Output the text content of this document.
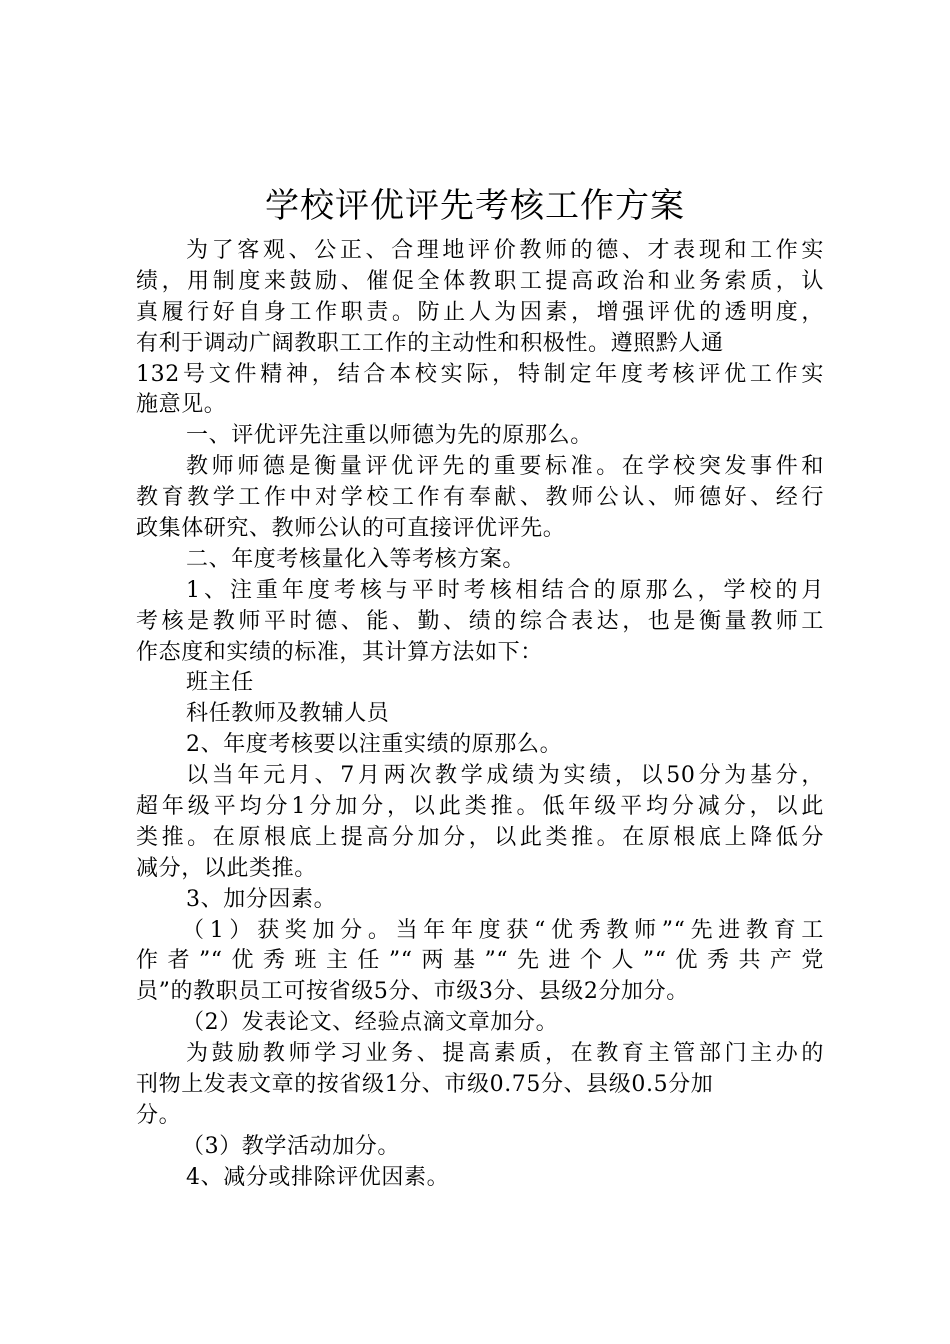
学校评优评先考核工作方案
为了客观、公正、合理地评价教师的德、才表现和工作实
绩，用制度来鼓励、催促全体教职工提高政治和业务索质，认
真履行好自身工作职责。防止人为因素，增强评优的透明度，
有利于调动广阔教职工工作的主动性和积极性。遵照黔人通
132号文件精神，结合本校实际，特制定年度考核评优工作实
施意见。
一、评优评先注重以师德为先的原那么。
教师师德是衡量评优评先的重要标准。在学校突发事件和
教育教学工作中对学校工作有奉献、教师公认、师德好、经行
政集体研究、教师公认的可直接评优评先。
二、年度考核量化入等考核方案。
1、注重年度考核与平时考核相结合的原那么，学校的月
考核是教师平时德、能、勤、绩的综合表达，也是衡量教师工
作态度和实绩的标准，其计算方法如下：
班主任
科任教师及教辅人员
2、年度考核要以注重实绩的原那么。
以当年元月、7月两次教学成绩为实绩，以50分为基分，
超年级平均分1分加分，以此类推。低年级平均分减分，以此
类推。在原根底上提高分加分，以此类推。在原根底上降低分
减分，以此类推。
3、加分因素。
（1）获奖加分。当年年度获“优秀教师”“先进教育工
作者”“优秀班主任”“两基”“先进个人”“优秀共产党
员”的教职员工可按省级5分、市级3分、县级2分加分。
（2）发表论文、经验点滴文章加分。
为鼓励教师学习业务、提高素质，在教育主管部门主办的
刊物上发表文章的按省级1分、市级0.75分、县级0.5分加
分。
（3）教学活动加分。
4、减分或排除评优因素。
